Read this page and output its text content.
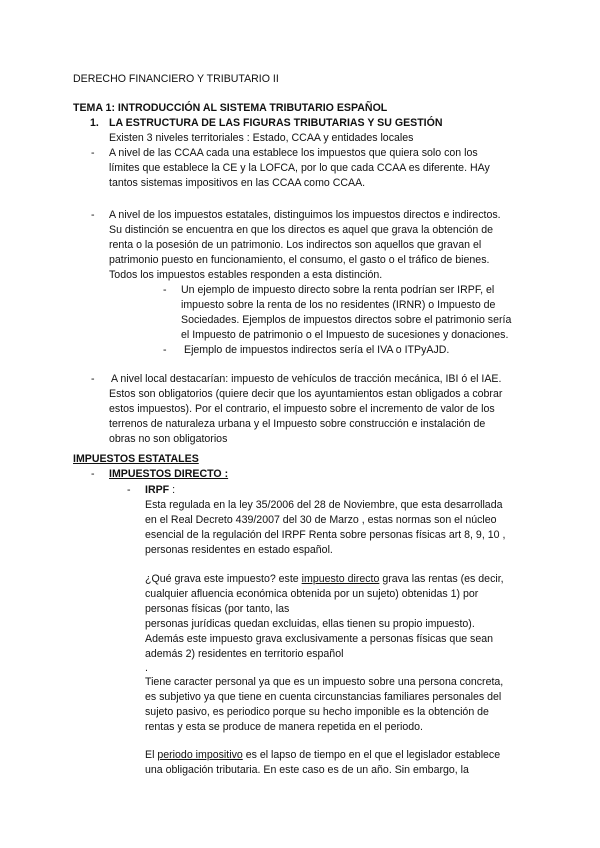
DERECHO FINANCIERO Y TRIBUTARIO II
TEMA 1: INTRODUCCIÓN AL SISTEMA TRIBUTARIO ESPAÑOL
1. LA ESTRUCTURA DE LAS FIGURAS TRIBUTARIAS Y SU GESTIÓN
Existen 3 niveles territoriales : Estado, CCAA y entidades locales
- A nivel de las CCAA cada una establece los impuestos que quiera solo con los
límites que establece la CE y la LOFCA, por lo que cada CCAA es diferente. HAy
tantos sistemas impositivos en las CCAA como CCAA.
- A nivel de los impuestos estatales, distinguimos los impuestos directos e indirectos.
Su distinción se encuentra en que los directos es aquel que grava la obtención de
renta o la posesión de un patrimonio. Los indirectos son aquellos que gravan el
patrimonio puesto en funcionamiento, el consumo, el gasto o el tráfico de bienes.
Todos los impuestos estables responden a esta distinción.
- Un ejemplo de impuesto directo sobre la renta podrían ser IRPF, el
impuesto sobre la renta de los no residentes (IRNR) o Impuesto de
Sociedades. Ejemplos de impuestos directos sobre el patrimonio sería
el Impuesto de patrimonio o el Impuesto de sucesiones y donaciones.
- Ejemplo de impuestos indirectos sería el IVA o ITPyAJD.
- A nivel local destacarían: impuesto de vehículos de tracción mecánica, IBI ó el IAE.
Estos son obligatorios (quiere decir que los ayuntamientos estan obligados a cobrar
estos impuestos). Por el contrario, el impuesto sobre el incremento de valor de los
terrenos de naturaleza urbana y el Impuesto sobre construcción e instalación de
obras no son obligatorios
IMPUESTOS ESTATALES
- IMPUESTOS DIRECTO :
- IRPF :
Esta regulada en la ley 35/2006 del 28 de Noviembre, que esta desarrollada
en el Real Decreto 439/2007 del 30 de Marzo , estas normas son el núcleo
esencial de la regulación del IRPF Renta sobre personas físicas art 8, 9, 10 ,
personas residentes en estado español.
¿Qué grava este impuesto? este impuesto directo grava las rentas (es decir,
cualquier afluencia económica obtenida por un sujeto) obtenidas 1) por
personas físicas (por tanto, las
personas jurídicas quedan excluidas, ellas tienen su propio impuesto).
Además este impuesto grava exclusivamente a personas físicas que sean
además 2) residentes en territorio español
.
Tiene caracter personal ya que es un impuesto sobre una persona concreta,
es subjetivo ya que tiene en cuenta circunstancias familiares personales del
sujeto pasivo, es periodico porque su hecho imponible es la obtención de
rentas y esta se produce de manera repetida en el periodo.
El periodo impositivo es el lapso de tiempo en el que el legislador establece
una obligación tributaria. En este caso es de un año. Sin embargo, la
